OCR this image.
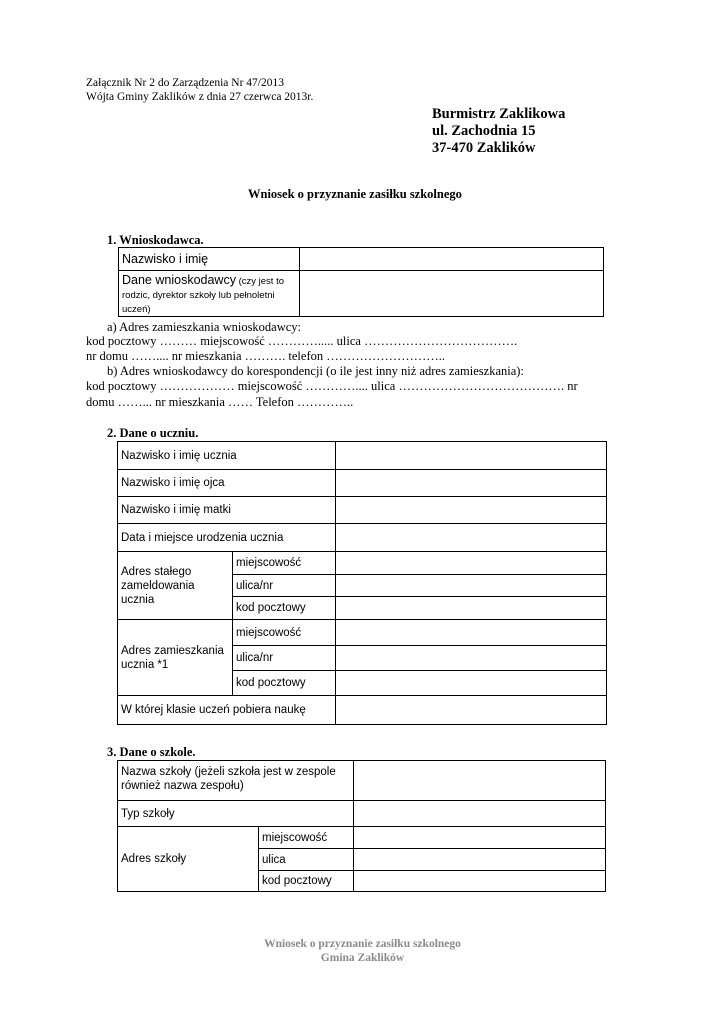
Załącznik Nr 2 do Zarządzenia Nr 47/2013
Wójta Gminy Zaklików z dnia 27 czerwca 2013r.
Burmistrz Zaklikowa
ul. Zachodnia 15
37-470 Zaklików
Wniosek o przyznanie zasiłku szkolnego
1. Wnioskodawca.
Nazwisko i imię	
Dane wnioskodawcy (czy jest to rodzic, dyrektor szkoły lub pełnoletni uczeń)	
a) Adres zamieszkania wnioskodawcy:
kod pocztowy ……… miejscowość …………..... ulica ……………………………….
nr domu …….... nr mieszkania ………. telefon ………………………..
b) Adres wnioskodawcy do korespondencji (o ile jest inny niż adres zamieszkania):
kod pocztowy ……………… miejscowość ………….... ulica …………………………………. nr
domu ……... nr mieszkania …… Telefon …………..
2. Dane o uczniu.
Nazwisko i imię ucznia		
Nazwisko i imię ojca		
Nazwisko i imię matki		
Data i miejsce urodzenia ucznia		
Adres stałego zameldowania ucznia	miejscowość	
	ulica/nr	
	kod pocztowy	
Adres zamieszkania ucznia *1	miejscowość	
	ulica/nr	
	kod pocztowy	
W której klasie uczeń pobiera naukę		
3. Dane o szkole.
Nazwa szkoły (jeżeli szkoła jest w zespole również nazwa zespołu)		
Typ szkoły		
Adres szkoły	miejscowość	
	ulica	
	kod pocztowy	
Wniosek o przyznanie zasiłku szkolnego
Gmina Zaklików
